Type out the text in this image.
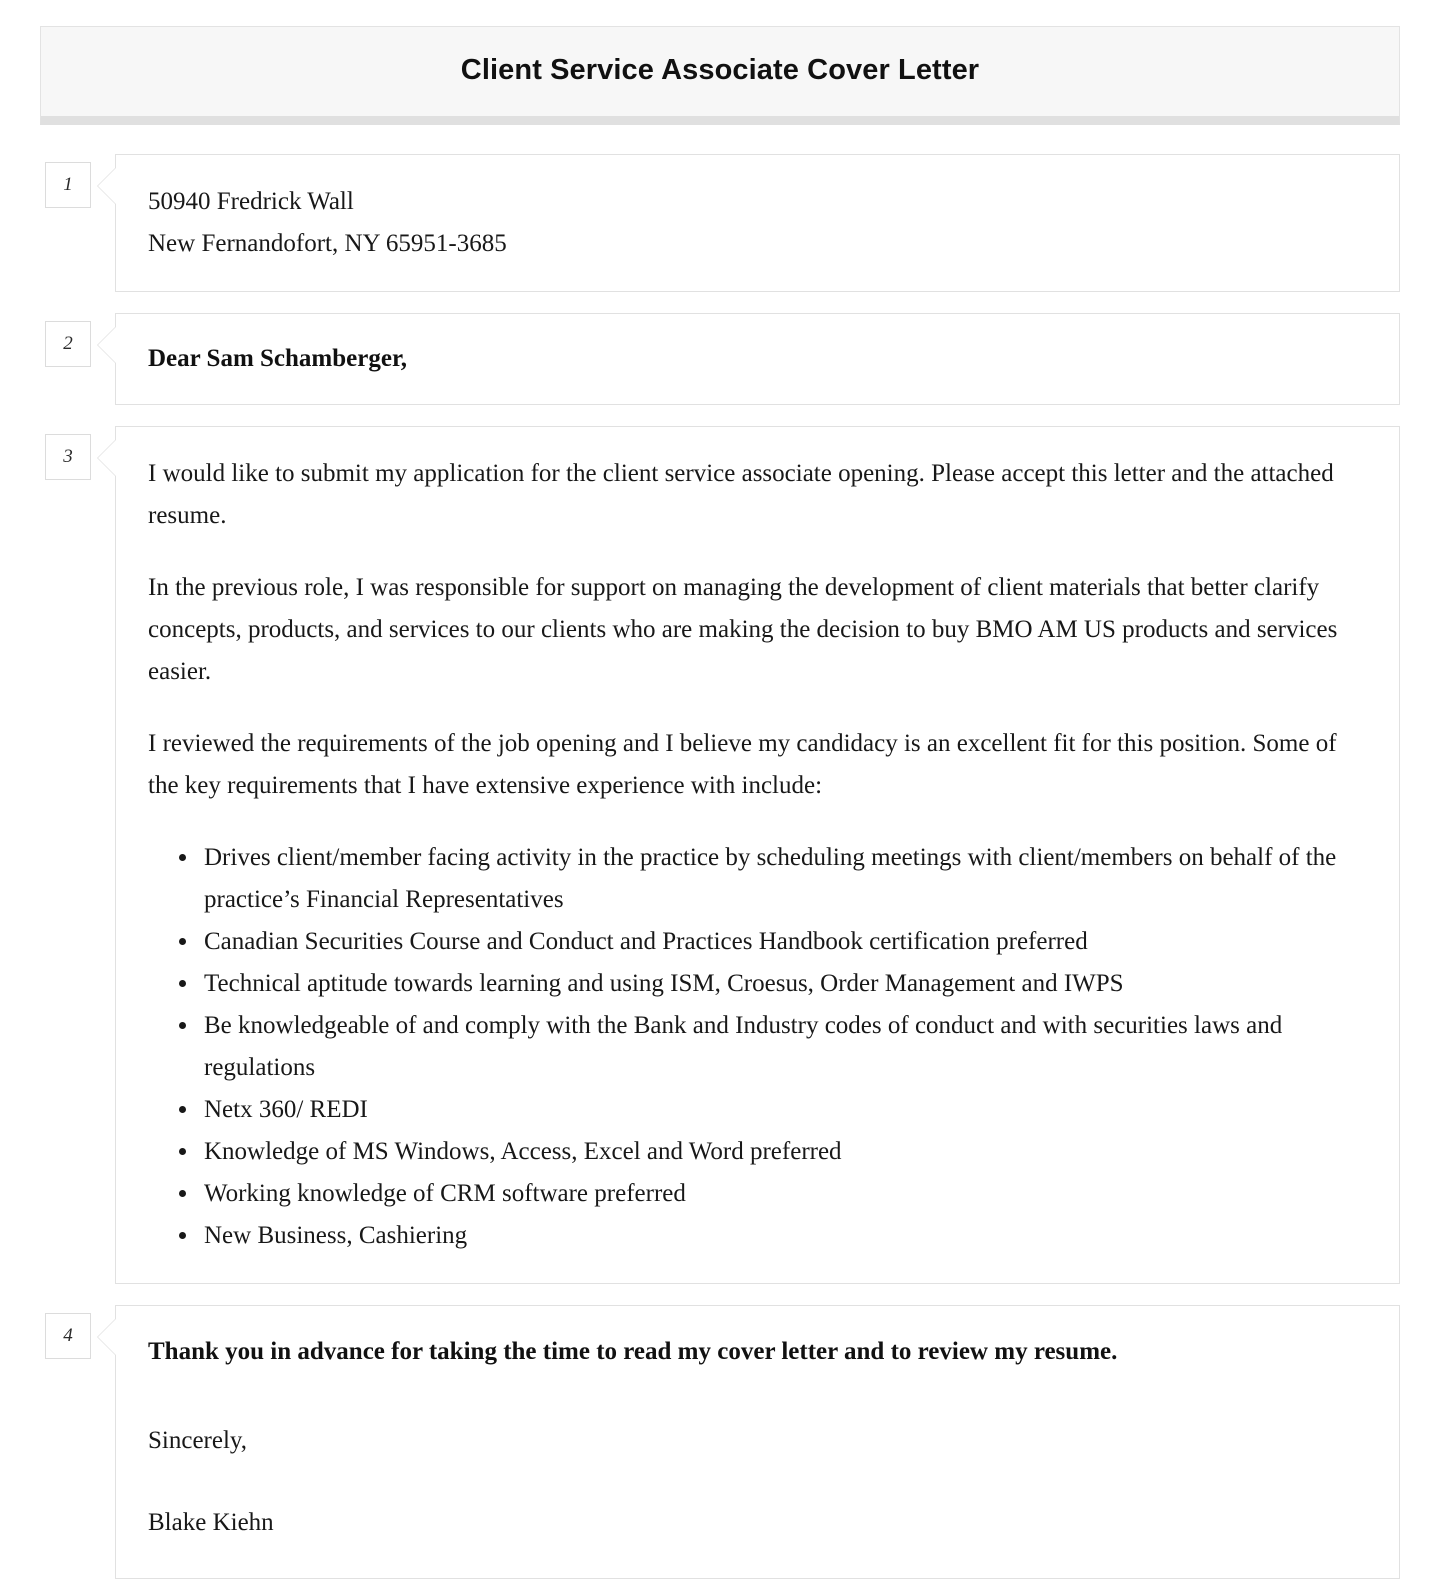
Client Service Associate Cover Letter
1
50940 Fredrick Wall
New Fernandofort, NY 65951-3685
2
Dear Sam Schamberger,
3

I would like to submit my application for the client service associate opening. Please accept this letter and the attached resume.

In the previous role, I was responsible for support on managing the development of client materials that better clarify concepts, products, and services to our clients who are making the decision to buy BMO AM US products and services easier.

I reviewed the requirements of the job opening and I believe my candidacy is an excellent fit for this position. Some of the key requirements that I have extensive experience with include:

• Drives client/member facing activity in the practice by scheduling meetings with client/members on behalf of the practice’s Financial Representatives
• Canadian Securities Course and Conduct and Practices Handbook certification preferred
• Technical aptitude towards learning and using ISM, Croesus, Order Management and IWPS
• Be knowledgeable of and comply with the Bank and Industry codes of conduct and with securities laws and regulations
• Netx 360/ REDI
• Knowledge of MS Windows, Access, Excel and Word preferred
• Working knowledge of CRM software preferred
• New Business, Cashiering
4

Thank you in advance for taking the time to read my cover letter and to review my resume.

Sincerely,

Blake Kiehn
